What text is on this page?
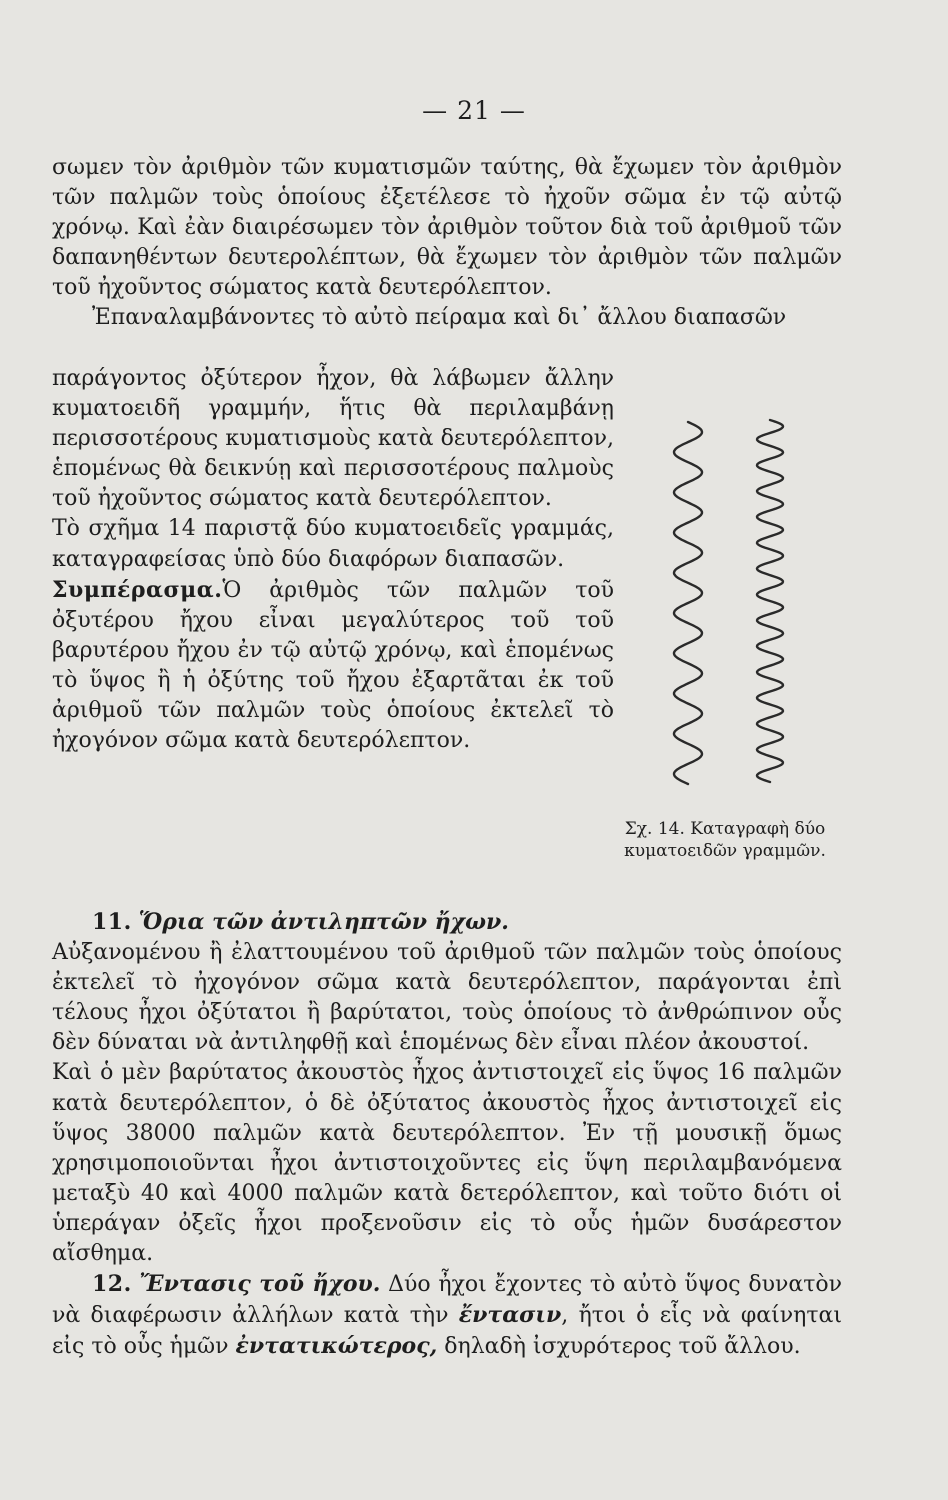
— 21 —

σωμεν τὸν ἀριθμὸν τῶν κυματισμῶν ταύτης, θὰ ἔχωμεν τὸν ἀριθμὸν τῶν παλμῶν τοὺς ὁποίους ἐξετέλεσε τὸ ἠχοῦν σῶμα ἐν τῷ αὐτῷ χρόνῳ. Καὶ ἐὰν διαιρέσωμεν τὸν ἀριθμὸν τοῦτον διὰ τοῦ ἀριθμοῦ τῶν δαπανηθέντων δευτερολέπτων, θὰ ἔχωμεν τὸν ἀριθμὸν τῶν παλμῶν τοῦ ἠχοῦντος σώματος κατὰ δευτερόλεπτον.

Ἐπαναλαμβάνοντες τὸ αὐτὸ πείραμα καὶ δι᾽ ἄλλου διαπασῶν

παράγοντος ὀξύτερον ἦχον, θὰ λάβωμεν ἄλλην κυματοειδῆ γραμμήν, ἥτις θὰ περιλαμβάνῃ περισσοτέρους κυματισμοὺς κατὰ δευτερόλεπτον, ἑπομένως θὰ δεικνύῃ καὶ περισσοτέρους παλμοὺς τοῦ ἠχοῦντος σώματος κατὰ δευτερόλεπτον.

Τὸ σχῆμα 14 παριστᾷ δύο κυματοειδεῖς γραμμάς, καταγραφείσας ὑπὸ δύο διαφόρων διαπασῶν.

Συμπέρασμα.Ὁ ἀριθμὸς τῶν παλμῶν τοῦ ὀξυτέρου ἤχου εἶναι μεγαλύτερος τοῦ τοῦ βαρυτέρου ἤχου ἐν τῷ αὐτῷ χρόνῳ, καὶ ἑπομένως τὸ ὕψος ἢ ἡ ὀξύτης τοῦ ἤχου ἐξαρτᾶται ἐκ τοῦ ἀριθμοῦ τῶν παλμῶν τοὺς ὁποίους ἐκτελεῖ τὸ ἠχογόνον σῶμα κατὰ δευτερόλεπτον.

Σχ. 14. Καταγραφὴ δύο κυματοειδῶν γραμμῶν.

11. Ὅρια τῶν ἀντιληπτῶν ἤχων.

Αὐξανομένου ἢ ἐλαττουμένου τοῦ ἀριθμοῦ τῶν παλμῶν τοὺς ὁποίους ἐκτελεῖ τὸ ἠχογόνον σῶμα κατὰ δευτερόλεπτον, παράγονται ἐπὶ τέλους ἦχοι ὀξύτατοι ἢ βαρύτατοι, τοὺς ὁποίους τὸ ἀνθρώπινον οὖς δὲν δύναται νὰ ἀντιληφθῇ καὶ ἑπομένως δὲν εἶναι πλέον ἀκουστοί.

Καὶ ὁ μὲν βαρύτατος ἀκουστὸς ἦχος ἀντιστοιχεῖ εἰς ὕψος 16 παλμῶν κατὰ δευτερόλεπτον, ὁ δὲ ὀξύτατος ἀκουστὸς ἦχος ἀντιστοιχεῖ εἰς ὕψος 38000 παλμῶν κατὰ δευτερόλεπτον. Ἐν τῇ μουσικῇ ὅμως χρησιμοποιοῦνται ἦχοι ἀντιστοιχοῦντες εἰς ὕψη περιλαμβανόμενα μεταξὺ 40 καὶ 4000 παλμῶν κατὰ δετερόλεπτον, καὶ τοῦτο διότι οἱ ὑπεράγαν ὀξεῖς ἦχοι προξενοῦσιν εἰς τὸ οὖς ἡμῶν δυσάρεστον αἴσθημα.

12. Ἔντασις τοῦ ἤχου. Δύο ἦχοι ἔχοντες τὸ αὐτὸ ὕψος δυνατὸν νὰ διαφέρωσιν ἀλλήλων κατὰ τὴν ἔντασιν, ἤτοι ὁ εἷς νὰ φαίνηται εἰς τὸ οὖς ἡμῶν ἐντατικώτερος, δηλαδὴ ἰσχυρότερος τοῦ ἄλλου.
